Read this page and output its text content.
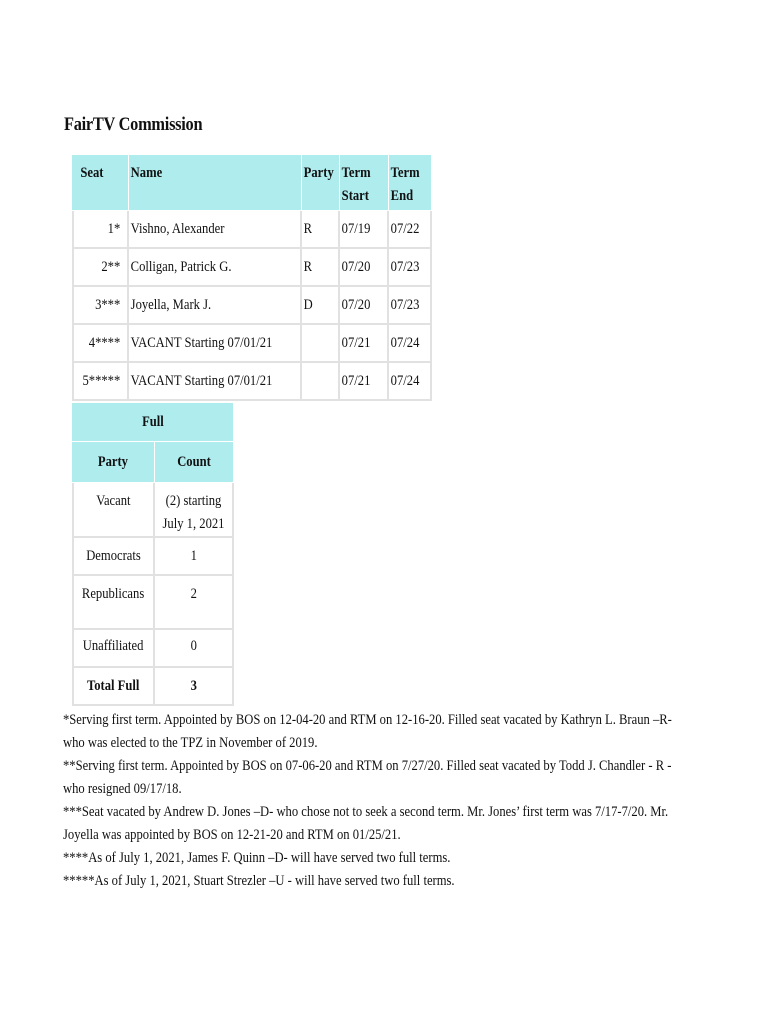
FairTV Commission
Seat	Name	Party	Term Start	Term End

1*	Vishno, Alexander	R	07/19	07/22

2**	Colligan, Patrick G.	R	07/20	07/23

3***	Joyella, Mark J.	D	07/20	07/23

4****	VACANT Starting 07/01/21		07/21	07/24

5*****	VACANT Starting 07/01/21		07/21	07/24
Full	
Party	Count
Vacant	(2) starting
July 1, 2021

Democrats	1
Republicans	2
Unaffiliated	0
Total Full	3

*Serving first term. Appointed by BOS on 12-04-20 and RTM on 12-16-20. Filled seat vacated by Kathryn L. Braun –R- who was elected to the TPZ in November of 2019.

**Serving first term. Appointed by BOS on 07-06-20 and RTM on 7/27/20. Filled seat vacated by Todd J. Chandler - R - who resigned 09/17/18.

***Seat vacated by Andrew D. Jones –D- who chose not to seek a second term. Mr. Jones’ first term was 7/17-7/20. Mr. Joyella was appointed by BOS on 12-21-20 and RTM on 01/25/21.

****As of July 1, 2021, James F. Quinn –D- will have served two full terms.

*****As of July 1, 2021, Stuart Strezler –U - will have served two full terms.
